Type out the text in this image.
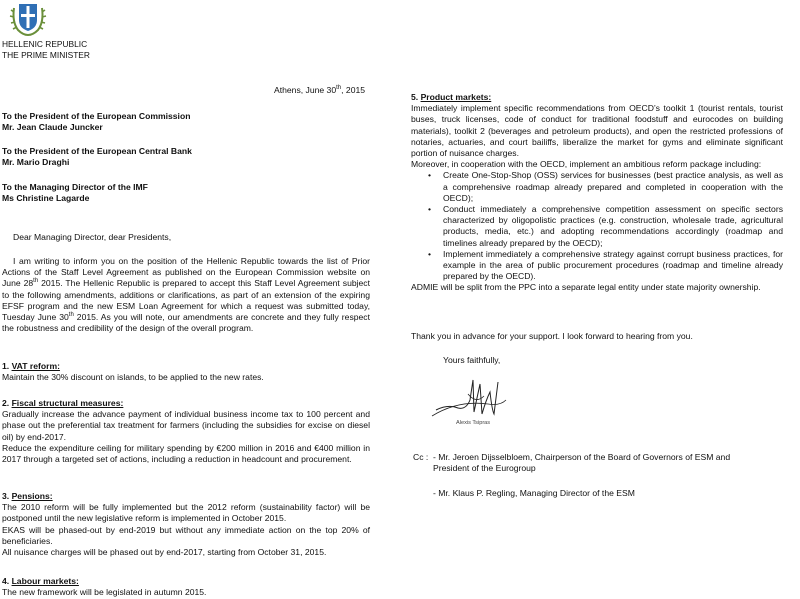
HELLENIC REPUBLIC
THE PRIME MINISTER
Athens, June 30th, 2015
To the President of the European Commission
Mr. Jean Claude Juncker
To the President of the European Central Bank
Mr. Mario Draghi
To the Managing Director of the IMF
Ms Christine Lagarde
Dear Managing Director, dear Presidents,
I am writing to inform you on the position of the Hellenic Republic towards the list of Prior Actions of the Staff Level Agreement as published on the European Commission website on June 28th 2015. The Hellenic Republic is prepared to accept this Staff Level Agreement subject to the following amendments, additions or clarifications, as part of an extension of the expiring EFSF program and the new ESM Loan Agreement for which a request was submitted today, Tuesday June 30th 2015. As you will note, our amendments are concrete and they fully respect the robustness and credibility of the design of the overall program.
1. VAT reform:

Maintain the 30% discount on islands, to be applied to the new rates.

2. Fiscal structural measures:

Gradually increase the advance payment of individual business income tax to 100 percent and phase out the preferential tax treatment for farmers (including the subsidies for excise on diesel oil) by end-2017.

Reduce the expenditure ceiling for military spending by €200 million in 2016 and €400 million in 2017 through a targeted set of actions, including a reduction in headcount and procurement.

3. Pensions:

The 2010 reform will be fully implemented but the 2012 reform (sustainability factor) will be postponed until the new legislative reform is implemented in October 2015.

EKAS will be phased-out by end-2019 but without any immediate action on the top 20% of beneficiaries.

All nuisance charges will be phased out by end-2017, starting from October 31, 2015.

4. Labour markets:

The new framework will be legislated in autumn 2015.

5. Product markets:

Immediately implement specific recommendations from OECD’s toolkit 1 (tourist rentals, tourist buses, truck licenses, code of conduct for traditional foodstuff and eurocodes on building materials), toolkit 2 (beverages and petroleum products), and open the restricted professions of notaries, actuaries, and court bailiffs, liberalize the market for gyms and eliminate significant portion of nuisance charges.

Moreover, in cooperation with the OECD, implement an ambitious reform package including:

• Create One-Stop-Shop (OSS) services for businesses (best practice analysis, as well as a comprehensive roadmap already prepared and completed in cooperation with the OECD);
• Conduct immediately a comprehensive competition assessment on specific sectors characterized by oligopolistic practices (e.g. construction, wholesale trade, agricultural products, media, etc.) and adopting recommendations accordingly (roadmap and timelines already prepared by the OECD);
• Implement immediately a comprehensive strategy against corrupt business practices, for example in the area of public procurement procedures (roadmap and timeline already prepared by the OECD).

ADMIE will be split from the PPC into a separate legal entity under state majority ownership.

Thank you in advance for your support. I look forward to hearing from you.
Yours faithfully,
Alexis Tsipras
Cc : - Mr. Jeroen Dijsselbloem, Chairperson of the Board of Governors of ESM and President of the Eurogroup
- Mr. Klaus P. Regling, Managing Director of the ESM
